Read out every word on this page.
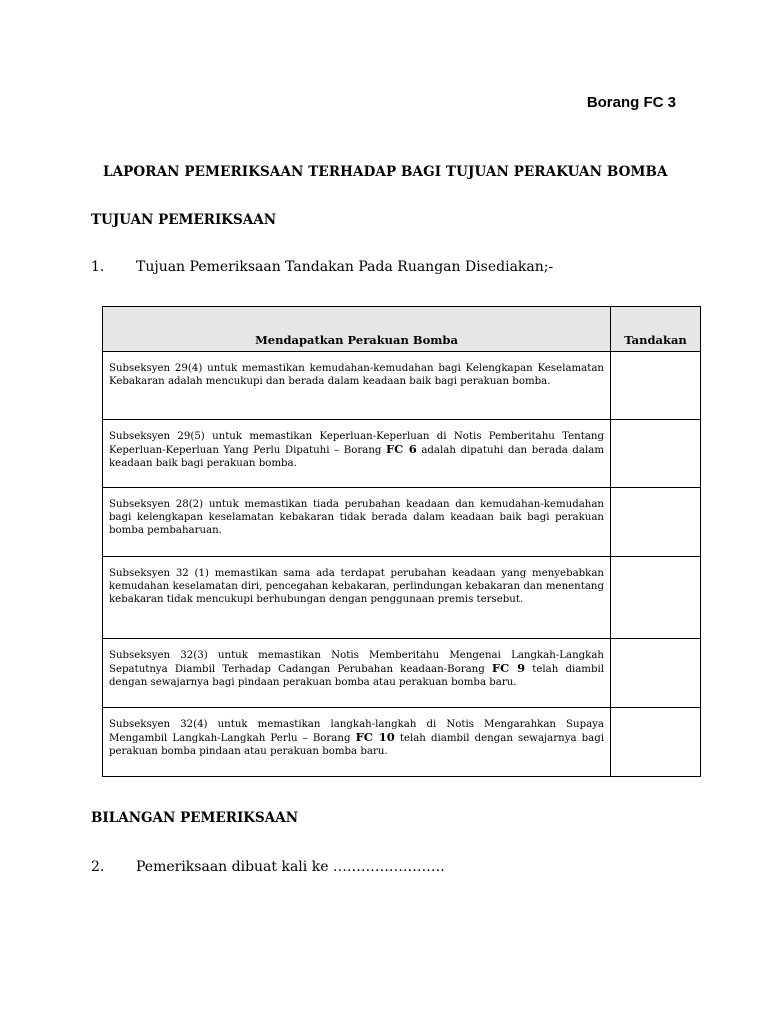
Borang FC 3
LAPORAN PEMERIKSAAN TERHADAP BAGI TUJUAN PERAKUAN BOMBA
TUJUAN PEMERIKSAAN
1. Tujuan Pemeriksaan Tandakan Pada Ruangan Disediakan;-
Mendapatkan Perakuan Bomba	Tandakan
Subseksyen 29(4) untuk memastikan kemudahan-kemudahan bagi Kelengkapan Keselamatan Kebakaran adalah mencukupi dan berada dalam keadaan baik bagi perakuan bomba.	
Subseksyen 29(5) untuk memastikan Keperluan-Keperluan di Notis Pemberitahu Tentang Keperluan-Keperluan Yang Perlu Dipatuhi – Borang FC 6 adalah dipatuhi dan berada dalam keadaan baik bagi perakuan bomba.	
Subseksyen 28(2) untuk memastikan tiada perubahan keadaan dan kemudahan-kemudahan bagi kelengkapan keselamatan kebakaran tidak berada dalam keadaan baik bagi perakuan bomba pembaharuan.	
Subseksyen 32 (1) memastikan sama ada terdapat perubahan keadaan yang menyebabkan kemudahan keselamatan diri, pencegahan kebakaran, perlindungan kebakaran dan menentang kebakaran tidak mencukupi berhubungan dengan penggunaan premis tersebut.	
Subseksyen 32(3) untuk memastikan Notis Memberitahu Mengenai Langkah-Langkah Sepatutnya Diambil Terhadap Cadangan Perubahan keadaan-Borang FC 9 telah diambil dengan sewajarnya bagi pindaan perakuan bomba atau perakuan bomba baru.	
Subseksyen 32(4) untuk memastikan langkah-langkah di Notis Mengarahkan Supaya Mengambil Langkah-Langkah Perlu – Borang FC 10 telah diambil dengan sewajarnya bagi perakuan bomba pindaan atau perakuan bomba baru.	
BILANGAN PEMERIKSAAN
2. Pemeriksaan dibuat kali ke ……………………
